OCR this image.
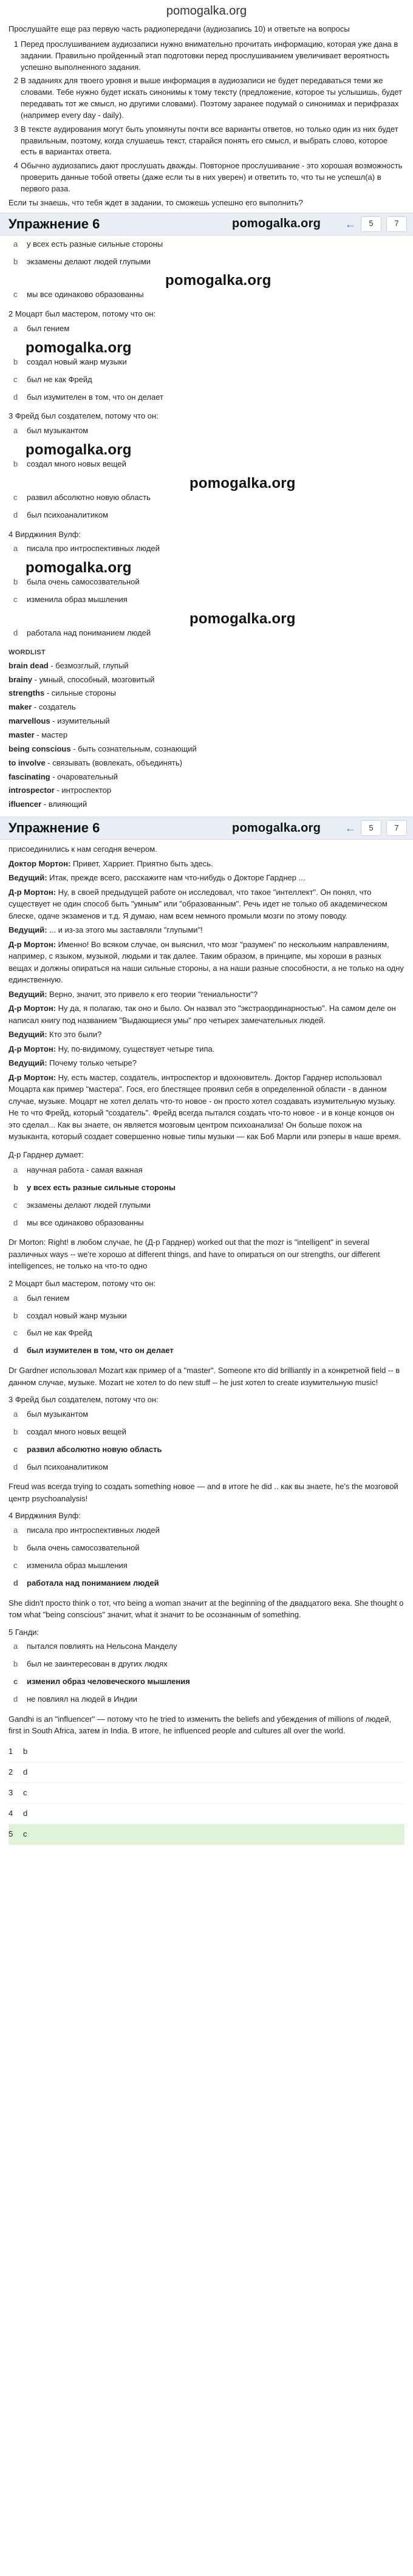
pomogalka.org
Прослушайте еще раз первую часть радиопередачи (аудиозапись 10) и ответьте на вопросы
1 Перед прослушиванием аудиозаписи нужно внимательно прочитать информацию, которая уже дана в задании. Правильно пройденный этап подготовки перед прослушиванием увеличивает вероятность успешно выполненного задания.
2 В заданиях для твоего уровня и выше информация в аудиозаписи не будет передаваться теми же словами. Тебе нужно будет искать синонимы к тому тексту (предложение, которое ты услышишь, будет передавать тот же смысл, но другими словами). Поэтому заранее подумай о синонимах и перифразах (например every day - daily).
3 В тексте аудирования могут быть упомянуты почти все варианты ответов, но только один из них будет правильным, поэтому, когда слушаешь текст, старайся понять его смысл, и выбрать слово, которое есть в вариантах ответа.
4 Обычно аудиозапись дают прослушать дважды. Повторное прослушивание - это хорошая возможность проверить данные тобой ответы (даже если ты в них уверен) и ответить то, что ты не успешл(а) в первого раза.
Если ты знаешь, что тебя ждет в задании, то сможешь успешно его выполнить?
Упражнение 6	pomogalka.org ←	5	7
a	у всех есть разные сильные стороны
b	экзамены делают людей глупыми
pomogalka.org
c	мы все одинаково образованны
2 Моцарт был мастером, потому что он:
a	был гением
pomogalka.org
b	создал новый жанр музыки
c	был не как Фрейд
d	был изумителен в том, что он делает
3 Фрейд был создателем, потому что он:
a	был музыкантом
pomogalka.org
b	создал много новых вещей
pomogalka.org
c	развил абсолютно новую область
d	был психоаналитиком
4 Вирджиния Вулф:
a	писала про интроспективных людей
pomogalka.org
b	была очень самосозвательной
c	изменила образ мышления
pomogalka.org
d	работала над пониманием людей
WORDLIST
brain dead - безмозглый, глупый
brainy - умный, способный, мозговитый
strengths - сильные стороны
maker - создатель
marvellous - изумительный
master - мастер
being conscious - быть сознательным, сознающий
to involve - связывать (вовлекать, объединять)
fascinating - очаровательный
introspector - интроспектор
ifluencer - влияющий
Упражнение 6	pomogalka.org ←	5	7
присоединились к нам сегодня вечером.
Доктор Мортон: Привет, Харриет. Приятно быть здесь.
Ведущий: Итак, прежде всего, расскажите нам что-нибудь о Докторе Гарднер ...
Д-р Мортон: Ну, в своей предыдущей работе он исследовал, что такое "интеллект". Он понял, что существует не один способ быть "умным" или "образованным". Речь идет не только об академическом блеске, одаче экзаменов и т.д. Я думаю, нам всем немного промыли мозги по этому поводу.
Ведущий: ... и из-за этого мы заставляли "глупыми"!
Д-р Мортон: Именно! Во всяком случае, он выяснил, что мозг "разумен" по нескольким направлениям, например, с языком, музыкой, людьми и так далее. Таким образом, в принципе, мы хороши в разных вещах и должны опираться на наши сильные стороны, а на наши разные способности, а не только на одну единственную.
Ведущий: Верно, значит, это привело к его теории "гениальности"?
Д-р Мортон: Ну да, я полагаю, так оно и было. Он назвал это "экстраординарностью". На самом деле он написал книгу под названием "Выдающиеся умы" про четырех замечательных людей.
Ведущий: Кто это были?
Д-р Мортон: Ну, по-видимому, существует четыре типа.
Ведущий: Почему только четыре?
Д-р Мортон: Ну, есть мастер, создатель, интроспектор и вдохновитель. Доктор Гарднер использовал Моцарта как пример "мастера". Гося, его блестящее проявил себя в определенной области - в данном случае, музыке. Моцарт не хотел делать что-то новое - он просто хотел создавать изумительную музыку. Не то что Фрейд, который "создатель". Фрейд всегда пытался создать что-то новое - и в конце концов он это сделал... Как вы знаете, он является мозговым центром психоанализа! Он больше похож на музыканта, который создает совершенно новые типы музыки — как Боб Марли или рэперы в наше время.
Д-р Гарднер думает:
a	научная работа - самая важная
b	у всех есть разные сильные стороны
c	экзамены делают людей глупыми
d	мы все одинаково образованны
Dr Morton: Right! в любом случае, he (Д-р Гарднер) worked out that the mozг is "intelligent" in several различных ways -- we're хорошо at different things, and have to опираться on our strengths, our different intelligences, не только на что-то одно
2 Моцарт был мастером, потому что он:
a	был гением
b	создал новый жанр музыки
c	был не как Фрейд
d	был изумителен в том, что он делает
Dr Gardner использовал Mozart как пример of a "master". Someone кто did brilliantly in a конкретной field -- в данном случае, музыке. Mozart не хотел to do new stuff -- he just хотел to create изумительную music!
3 Фрейд был создателем, потому что он:
a	был музыкантом
b	создал много новых вещей
c	развил абсолютно новую область
d	был психоаналитиком
Freud was всегда trying to создать something новое — and в итоге he did .. как вы знаете, he's the мозговой центр psychoanalysis!
4 Вирджиния Вулф:
a	писала про интроспективных людей
b	была очень самосозвательной
c	изменила образ мышления
d	работала над пониманием людей
She didn't просто think о тот, что being a woman значит at the beginning of the двадцатого века. She thought о том what "being conscious" значит, what it значит to be осознанным of something.
5 Ганди:
a	пытался повлиять на Нельсона Манделу
b	был не заинтересован в других людях
c	изменил образ человеческого мышления
d	не повлиял на людей в Индии
Gandhi is an "influencer" — потому что he tried to изменить the beliefs and убеждения of millions of людей, first in South Africa, затем in India. В итоге, he influenced people and cultures all over the world.
1	b
2	d
3	c
4	d
5	c
